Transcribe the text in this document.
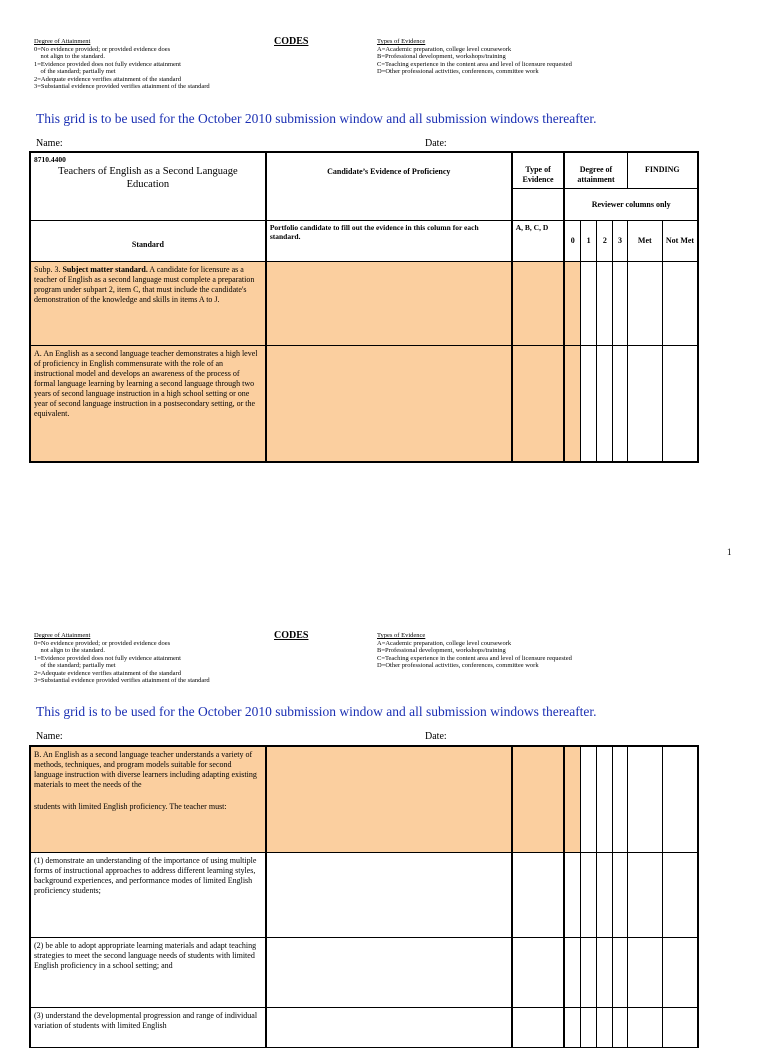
Degree of Attainment
0=No evidence provided; or provided evidence does
not align to the standard.
1=Evidence provided does not fully evidence attainment
of the standard; partially met
2=Adequate evidence verifies attainment of the standard
3=Substantial evidence provided verifies attainment of the standard
CODES	Types of Evidence
A=Academic preparation, college level coursework
B=Professional development, workshops/training
C=Teaching experience in the content area and level of licensure requested
D=Other professional activities, conferences, committee work
This grid is to be used for the October 2010 submission window and all submission windows thereafter.
Name:	Date:
8710.4400
Teachers of English as a Second Language Education	Candidate’s Evidence of Proficiency	Type of Evidence	Degree of attainment				FINDING	
			Reviewer columns only					
Standard	Portfolio candidate to fill out the evidence in this column for each standard.	A, B, C, D	0	1	2	3	Met	Not Met
Subp. 3. Subject matter standard. A candidate for licensure as a teacher of English as a second language must complete a preparation program under subpart 2, item C, that must include the candidate's demonstration of the knowledge and skills in items A to J.								
A. An English as a second language teacher demonstrates a high level of proficiency in English commensurate with the role of an instructional model and develops an awareness of the process of formal language learning by learning a second language through two years of second language instruction in a high school setting or one year of second language instruction in a postsecondary setting, or the equivalent.								
1
Degree of Attainment
0=No evidence provided; or provided evidence does
not align to the standard.
1=Evidence provided does not fully evidence attainment
of the standard; partially met
2=Adequate evidence verifies attainment of the standard
3=Substantial evidence provided verifies attainment of the standard
CODES	Types of Evidence
A=Academic preparation, college level coursework
B=Professional development, workshops/training
C=Teaching experience in the content area and level of licensure requested
D=Other professional activities, conferences, committee work
This grid is to be used for the October 2010 submission window and all submission windows thereafter.
Name:	Date:
B. An English as a second language teacher understands a variety of methods, techniques, and program models suitable for second language instruction with diverse learners including adapting existing materials to meet the needs of the
students with limited English proficiency. The teacher must:								

(1) demonstrate an understanding of the importance of using multiple forms of instructional approaches to address different learning styles, background experiences, and performance modes of limited English proficiency students;								
(2) be able to adopt appropriate learning materials and adapt teaching strategies to meet the second language needs of students with limited English proficiency in a school setting; and								
(3) understand the developmental progression and range of individual variation of students with limited English								
